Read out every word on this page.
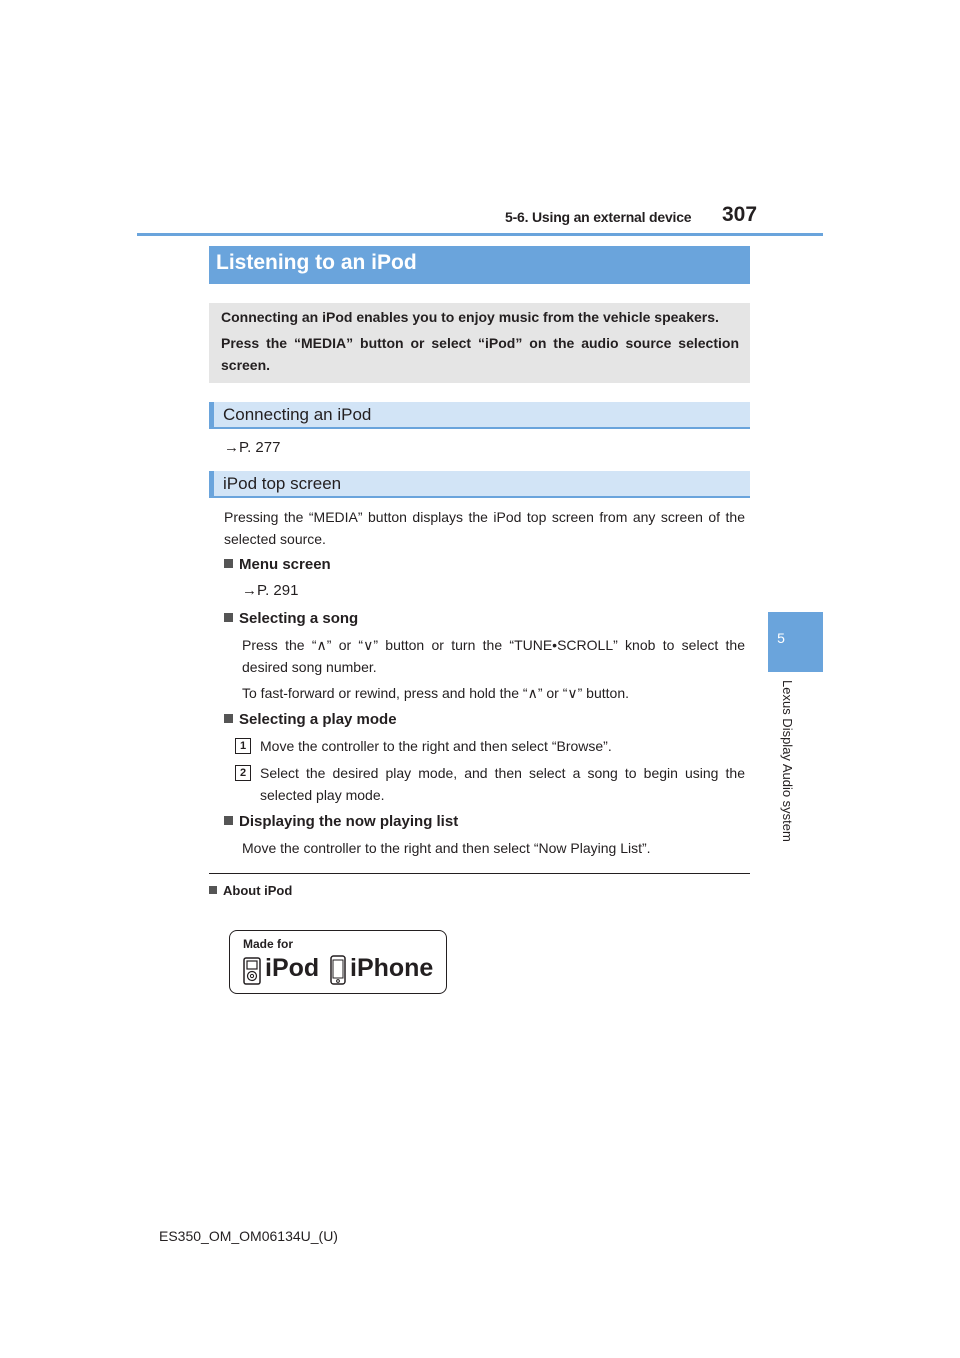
5-6. Using an external device 307
5
Lexus Display Audio system
Listening to an iPod

Connecting an iPod enables you to enjoy music from the vehicle speakers.

Press the “MEDIA” button or select “iPod” on the audio source selection screen.

Connecting an iPod
→P. 277
iPod top screen
Pressing the “MEDIA” button displays the iPod top screen from any screen of the selected source.
Menu screen
→P. 291
Selecting a song
Press the “∧” or “∨” button or turn the “TUNE•SCROLL” knob to select the desired song number.
To fast-forward or rewind, press and hold the “∧” or “∨” button.
Selecting a play mode
1 Move the controller to the right and then select “Browse”.
2 Select the desired play mode, and then select a song to begin using the selected play mode.
Displaying the now playing list
Move the controller to the right and then select “Now Playing List”.
About iPod
Made for
iPod iPhone
ES350_OM_OM06134U_(U)
